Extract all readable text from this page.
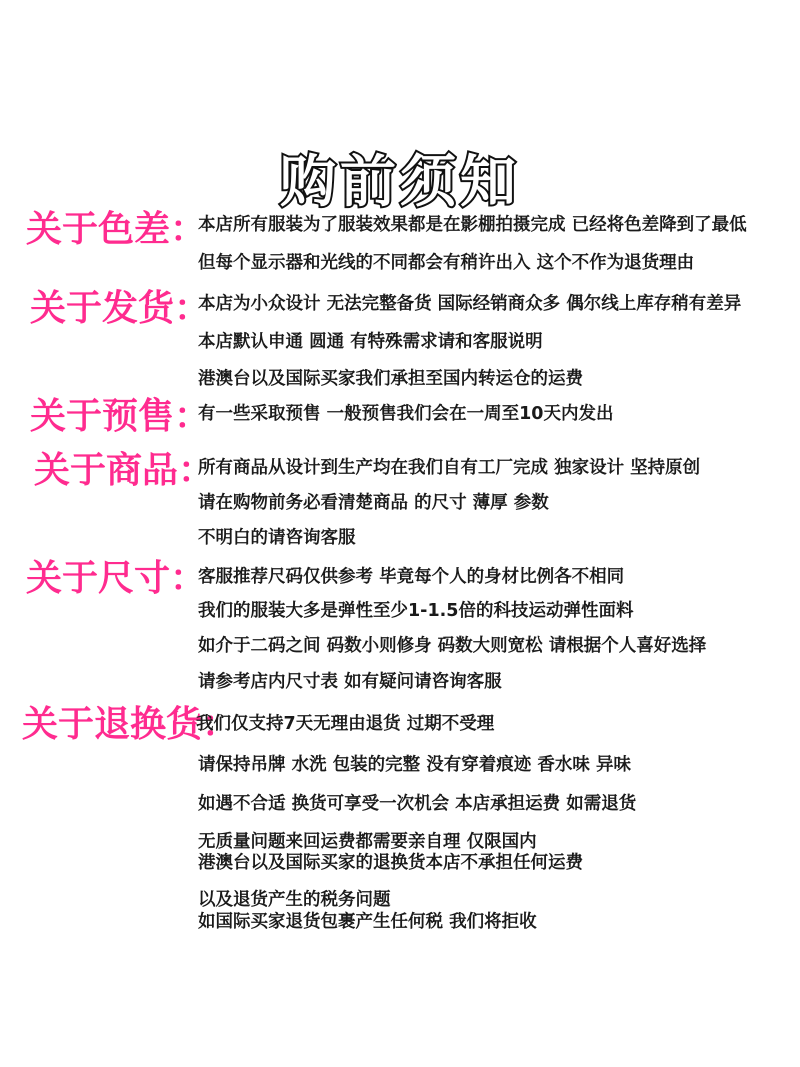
购前须知
关于色差：
本店所有服装为了服装效果都是在影棚拍摄完成 已经将色差降到了最低
但每个显示器和光线的不同都会有稍许出入 这个不作为退货理由
关于发货：
本店为小众设计 无法完整备货 国际经销商众多 偶尔线上库存稍有差异
本店默认申通 圆通 有特殊需求请和客服说明
港澳台以及国际买家我们承担至国内转运仓的运费
关于预售：
有一些采取预售 一般预售我们会在一周至10天内发出
关于商品：
所有商品从设计到生产均在我们自有工厂完成 独家设计 坚持原创
请在购物前务必看清楚商品 的尺寸 薄厚 参数
不明白的请咨询客服
关于尺寸：
客服推荐尺码仅供参考 毕竟每个人的身材比例各不相同
我们的服装大多是弹性至少1-1.5倍的科技运动弹性面料
如介于二码之间 码数小则修身 码数大则宽松 请根据个人喜好选择
请参考店内尺寸表 如有疑问请咨询客服
关于退换货：
我们仅支持7天无理由退货 过期不受理
请保持吊牌 水洗 包装的完整 没有穿着痕迹 香水味 异味
如遇不合适 换货可享受一次机会 本店承担运费 如需退货
无质量问题来回运费都需要亲自理 仅限国内
港澳台以及国际买家的退换货本店不承担任何运费
以及退货产生的税务问题
如国际买家退货包裹产生任何税 我们将拒收
